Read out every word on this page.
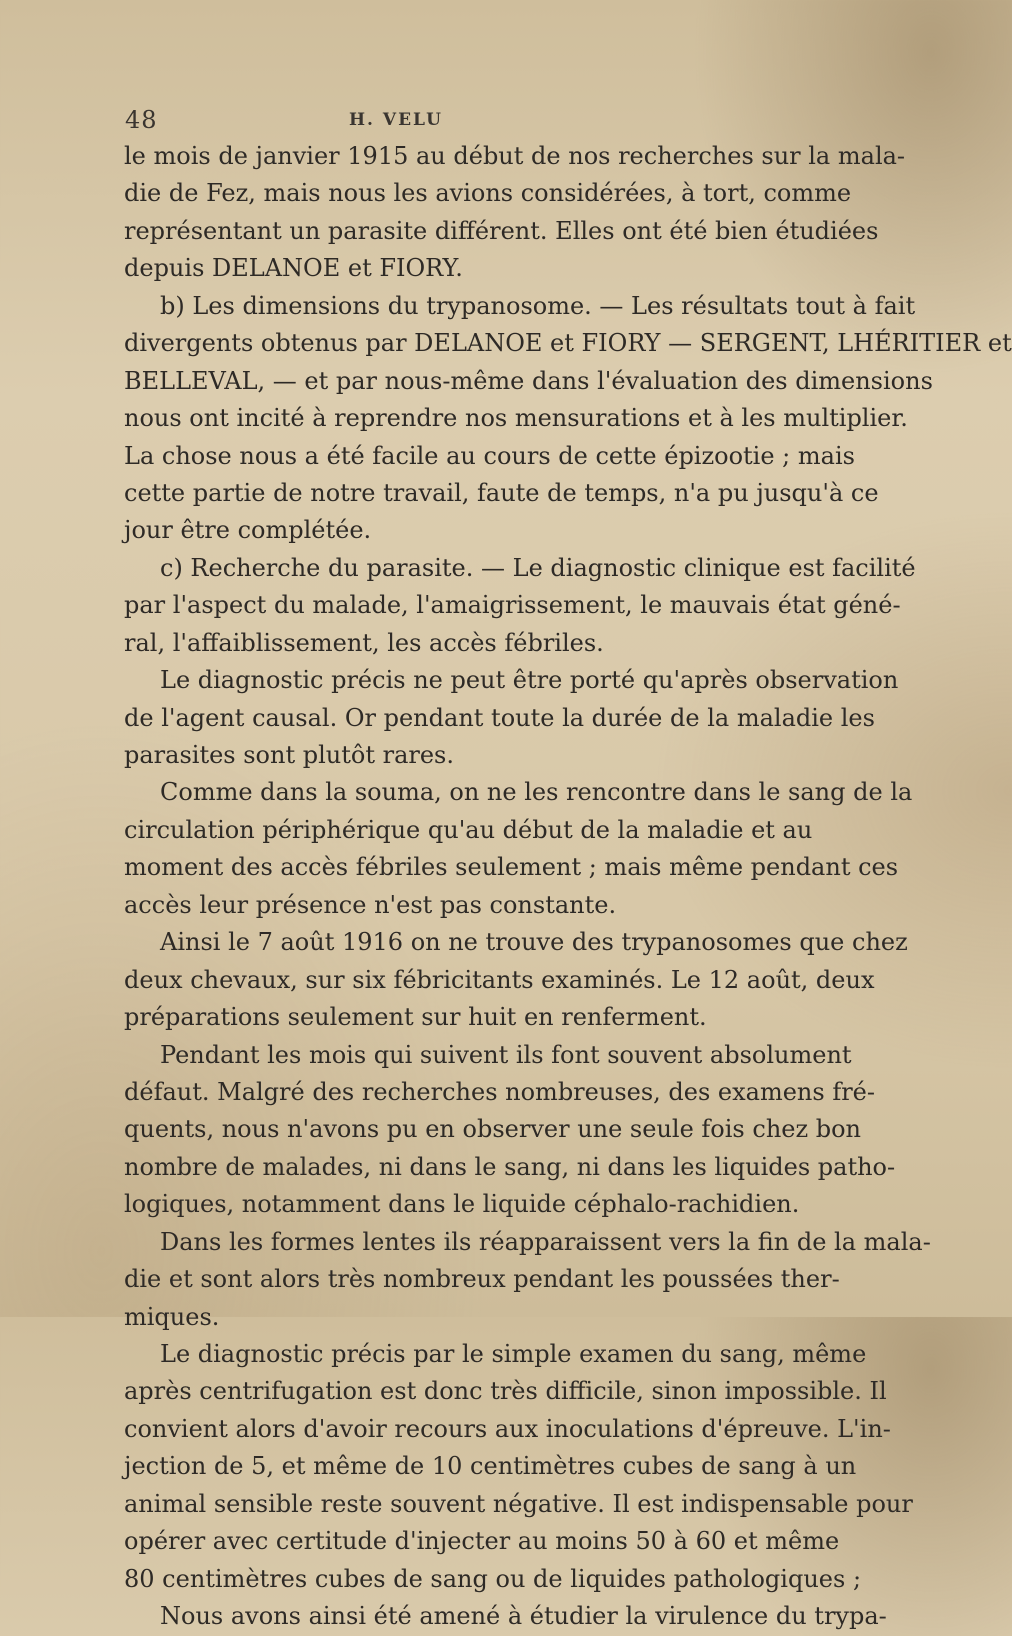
48	H. VELU
le mois de janvier 1915 au début de nos recherches sur la mala-
die de Fez, mais nous les avions considérées, à tort, comme
représentant un parasite différent. Elles ont été bien étudiées
depuis DELANOE et FIORY.
b) Les dimensions du trypanosome. — Les résultats tout à fait
divergents obtenus par DELANOE et FIORY — SERGENT, LHÉRITIER et
BELLEVAL, — et par nous-même dans l'évaluation des dimensions
nous ont incité à reprendre nos mensurations et à les multiplier.
La chose nous a été facile au cours de cette épizootie ; mais
cette partie de notre travail, faute de temps, n'a pu jusqu'à ce
jour être complétée.
c) Recherche du parasite. — Le diagnostic clinique est facilité
par l'aspect du malade, l'amaigrissement, le mauvais état géné-
ral, l'affaiblissement, les accès fébriles.
Le diagnostic précis ne peut être porté qu'après observation
de l'agent causal. Or pendant toute la durée de la maladie les
parasites sont plutôt rares.
Comme dans la souma, on ne les rencontre dans le sang de la
circulation périphérique qu'au début de la maladie et au
moment des accès fébriles seulement ; mais même pendant ces
accès leur présence n'est pas constante.
Ainsi le 7 août 1916 on ne trouve des trypanosomes que chez
deux chevaux, sur six fébricitants examinés. Le 12 août, deux
préparations seulement sur huit en renferment.
Pendant les mois qui suivent ils font souvent absolument
défaut. Malgré des recherches nombreuses, des examens fré-
quents, nous n'avons pu en observer une seule fois chez bon
nombre de malades, ni dans le sang, ni dans les liquides patho-
logiques, notamment dans le liquide céphalo-rachidien.
Dans les formes lentes ils réapparaissent vers la fin de la mala-
die et sont alors très nombreux pendant les poussées ther-
miques.
Le diagnostic précis par le simple examen du sang, même
après centrifugation est donc très difficile, sinon impossible. Il
convient alors d'avoir recours aux inoculations d'épreuve. L'in-
jection de 5, et même de 10 centimètres cubes de sang à un
animal sensible reste souvent négative. Il est indispensable pour
opérer avec certitude d'injecter au moins 50 à 60 et même
80 centimètres cubes de sang ou de liquides pathologiques ;
Nous avons ainsi été amené à étudier la virulence du trypa-
